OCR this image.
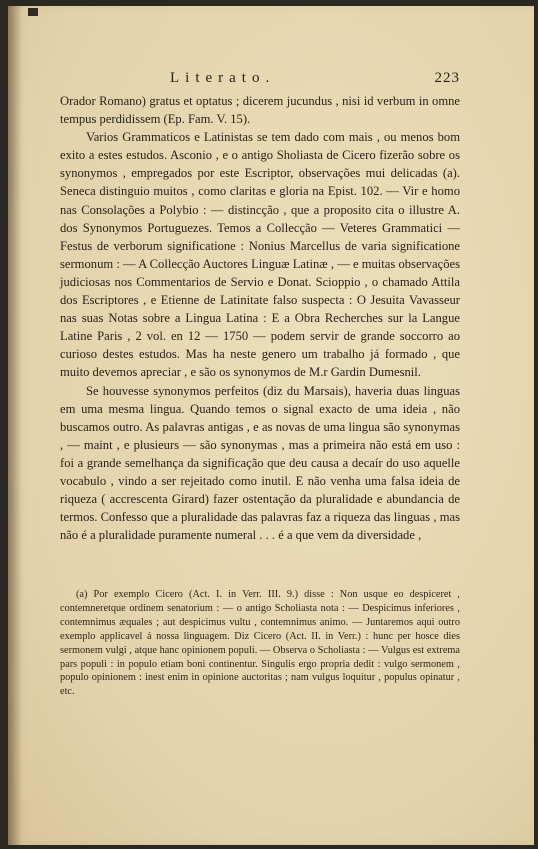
Literato.	223

Orador Romano) gratus et optatus ; dicerem jucundus , nisi id verbum in omne tempus perdidissem (Ep. Fam. V. 15).

Varios Grammaticos e Latinistas se tem dado com mais , ou menos bom exito a estes estudos. Asconio , e o antigo Sholiasta de Cicero fizerão sobre os synonymos , empregados por este Escriptor, observações mui delicadas (a). Seneca distinguio muitos , como claritas e gloria na Epist. 102. — Vir e homo nas Consolações a Polybio : — distincção , que a proposito cita o illustre A. dos Synonymos Portuguezes. Temos a Collecção — Veteres Grammatici — Festus de verborum significatione : Nonius Marcellus de varia significatione sermonum : — A Collecção Auctores Linguæ Latinæ , — e muitas observações judiciosas nos Commentarios de Servio e Donat. Scioppio , o chamado Attila dos Escriptores , e Etienne de Latinitate falso suspecta : O Jesuita Vavasseur nas suas Notas sobre a Lingua Latina : E a Obra Recherches sur la Langue Latine Paris , 2 vol. en 12 — 1750 — podem servir de grande soccorro ao curioso destes estudos. Mas ha neste genero um trabalho já formado , que muito devemos apreciar , e são os synonymos de M.r Gardin Dumesnil.

Se houvesse synonymos perfeitos (diz du Marsais), haveria duas linguas em uma mesma lingua. Quando temos o signal exacto de uma ideia , não buscamos outro. As palavras antigas , e as novas de uma lingua são synonymas , — maint , e plusieurs — são synonymas , mas a primeira não está em uso : foi a grande semelhança da significação que deu causa a decaír do uso aquelle vocabulo , vindo a ser rejeitado como inutil. E não venha uma falsa ideia de riqueza ( accrescenta Girard) fazer ostentação da pluralidade e abundancia de termos. Confesso que a pluralidade das palavras faz a riqueza das linguas , mas não é a pluralidade puramente numeral . . . é a que vem da diversidade ,

(a) Por exemplo Cicero (Act. I. in Verr. III. 9.) disse : Non usque eo despiceret , contemneretque ordinem senatorium : — o antigo Scholiasta nota : — Despicimus inferiores , contemnimus æquales ; aut despicimus vultu , contemnimus animo. — Juntaremos aqui outro exemplo applicavel á nossa linguagem. Diz Cicero (Act. II. in Verr.) : hunc per hosce dies sermonem vulgi , atque hanc opinionem populi. — Observa o Scholiasta : — Vulgus est extrema pars populi : in populo etiam boni continentur. Singulis ergo propria dedit : vulgo sermonem , populo opinionem : inest enim in opinione auctoritas ; nam vulgus loquitur , populus opinatur , etc.
